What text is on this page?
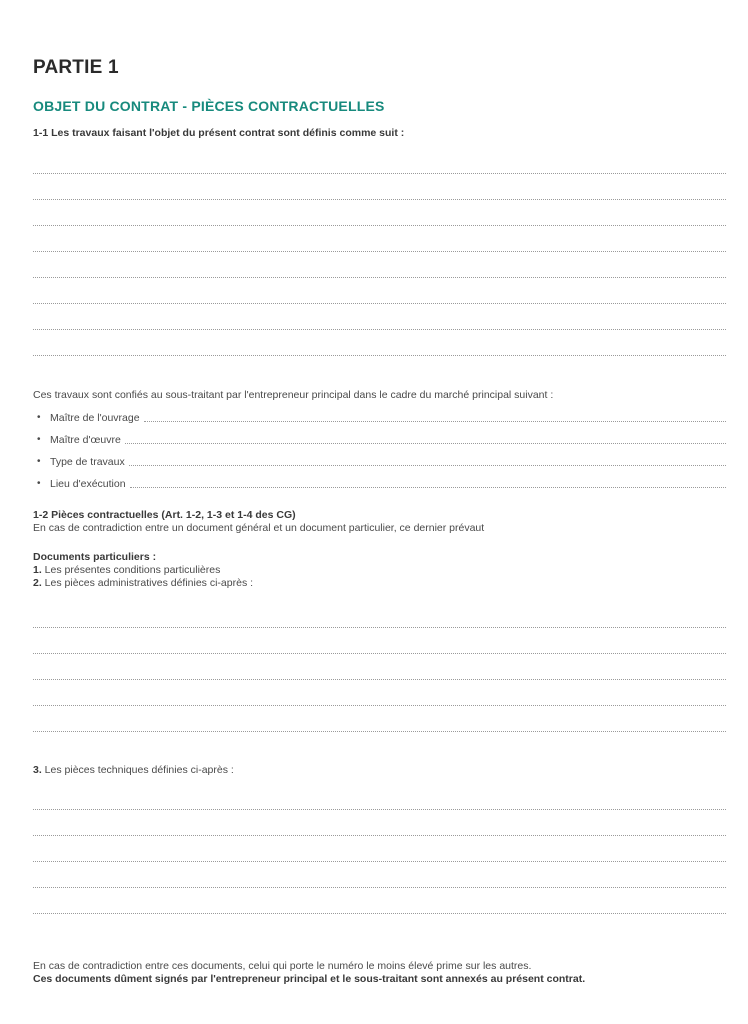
PARTIE 1
OBJET DU CONTRAT - PIÈCES CONTRACTUELLES
1-1 Les travaux faisant l'objet du présent contrat sont définis comme suit :
Ces travaux sont confiés au sous-traitant par l'entrepreneur principal dans le cadre du marché principal suivant :
• Maître de l'ouvrage
• Maître d'œuvre
• Type de travaux
• Lieu d'exécution
1-2 Pièces contractuelles (Art. 1-2, 1-3 et 1-4 des CG)
En cas de contradiction entre un document général et un document particulier, ce dernier prévaut
Documents particuliers :
1. Les présentes conditions particulières
2. Les pièces administratives définies ci-après :
3. Les pièces techniques définies ci-après :
En cas de contradiction entre ces documents, celui qui porte le numéro le moins élevé prime sur les autres.
Ces documents dûment signés par l'entrepreneur principal et le sous-traitant sont annexés au présent contrat.
